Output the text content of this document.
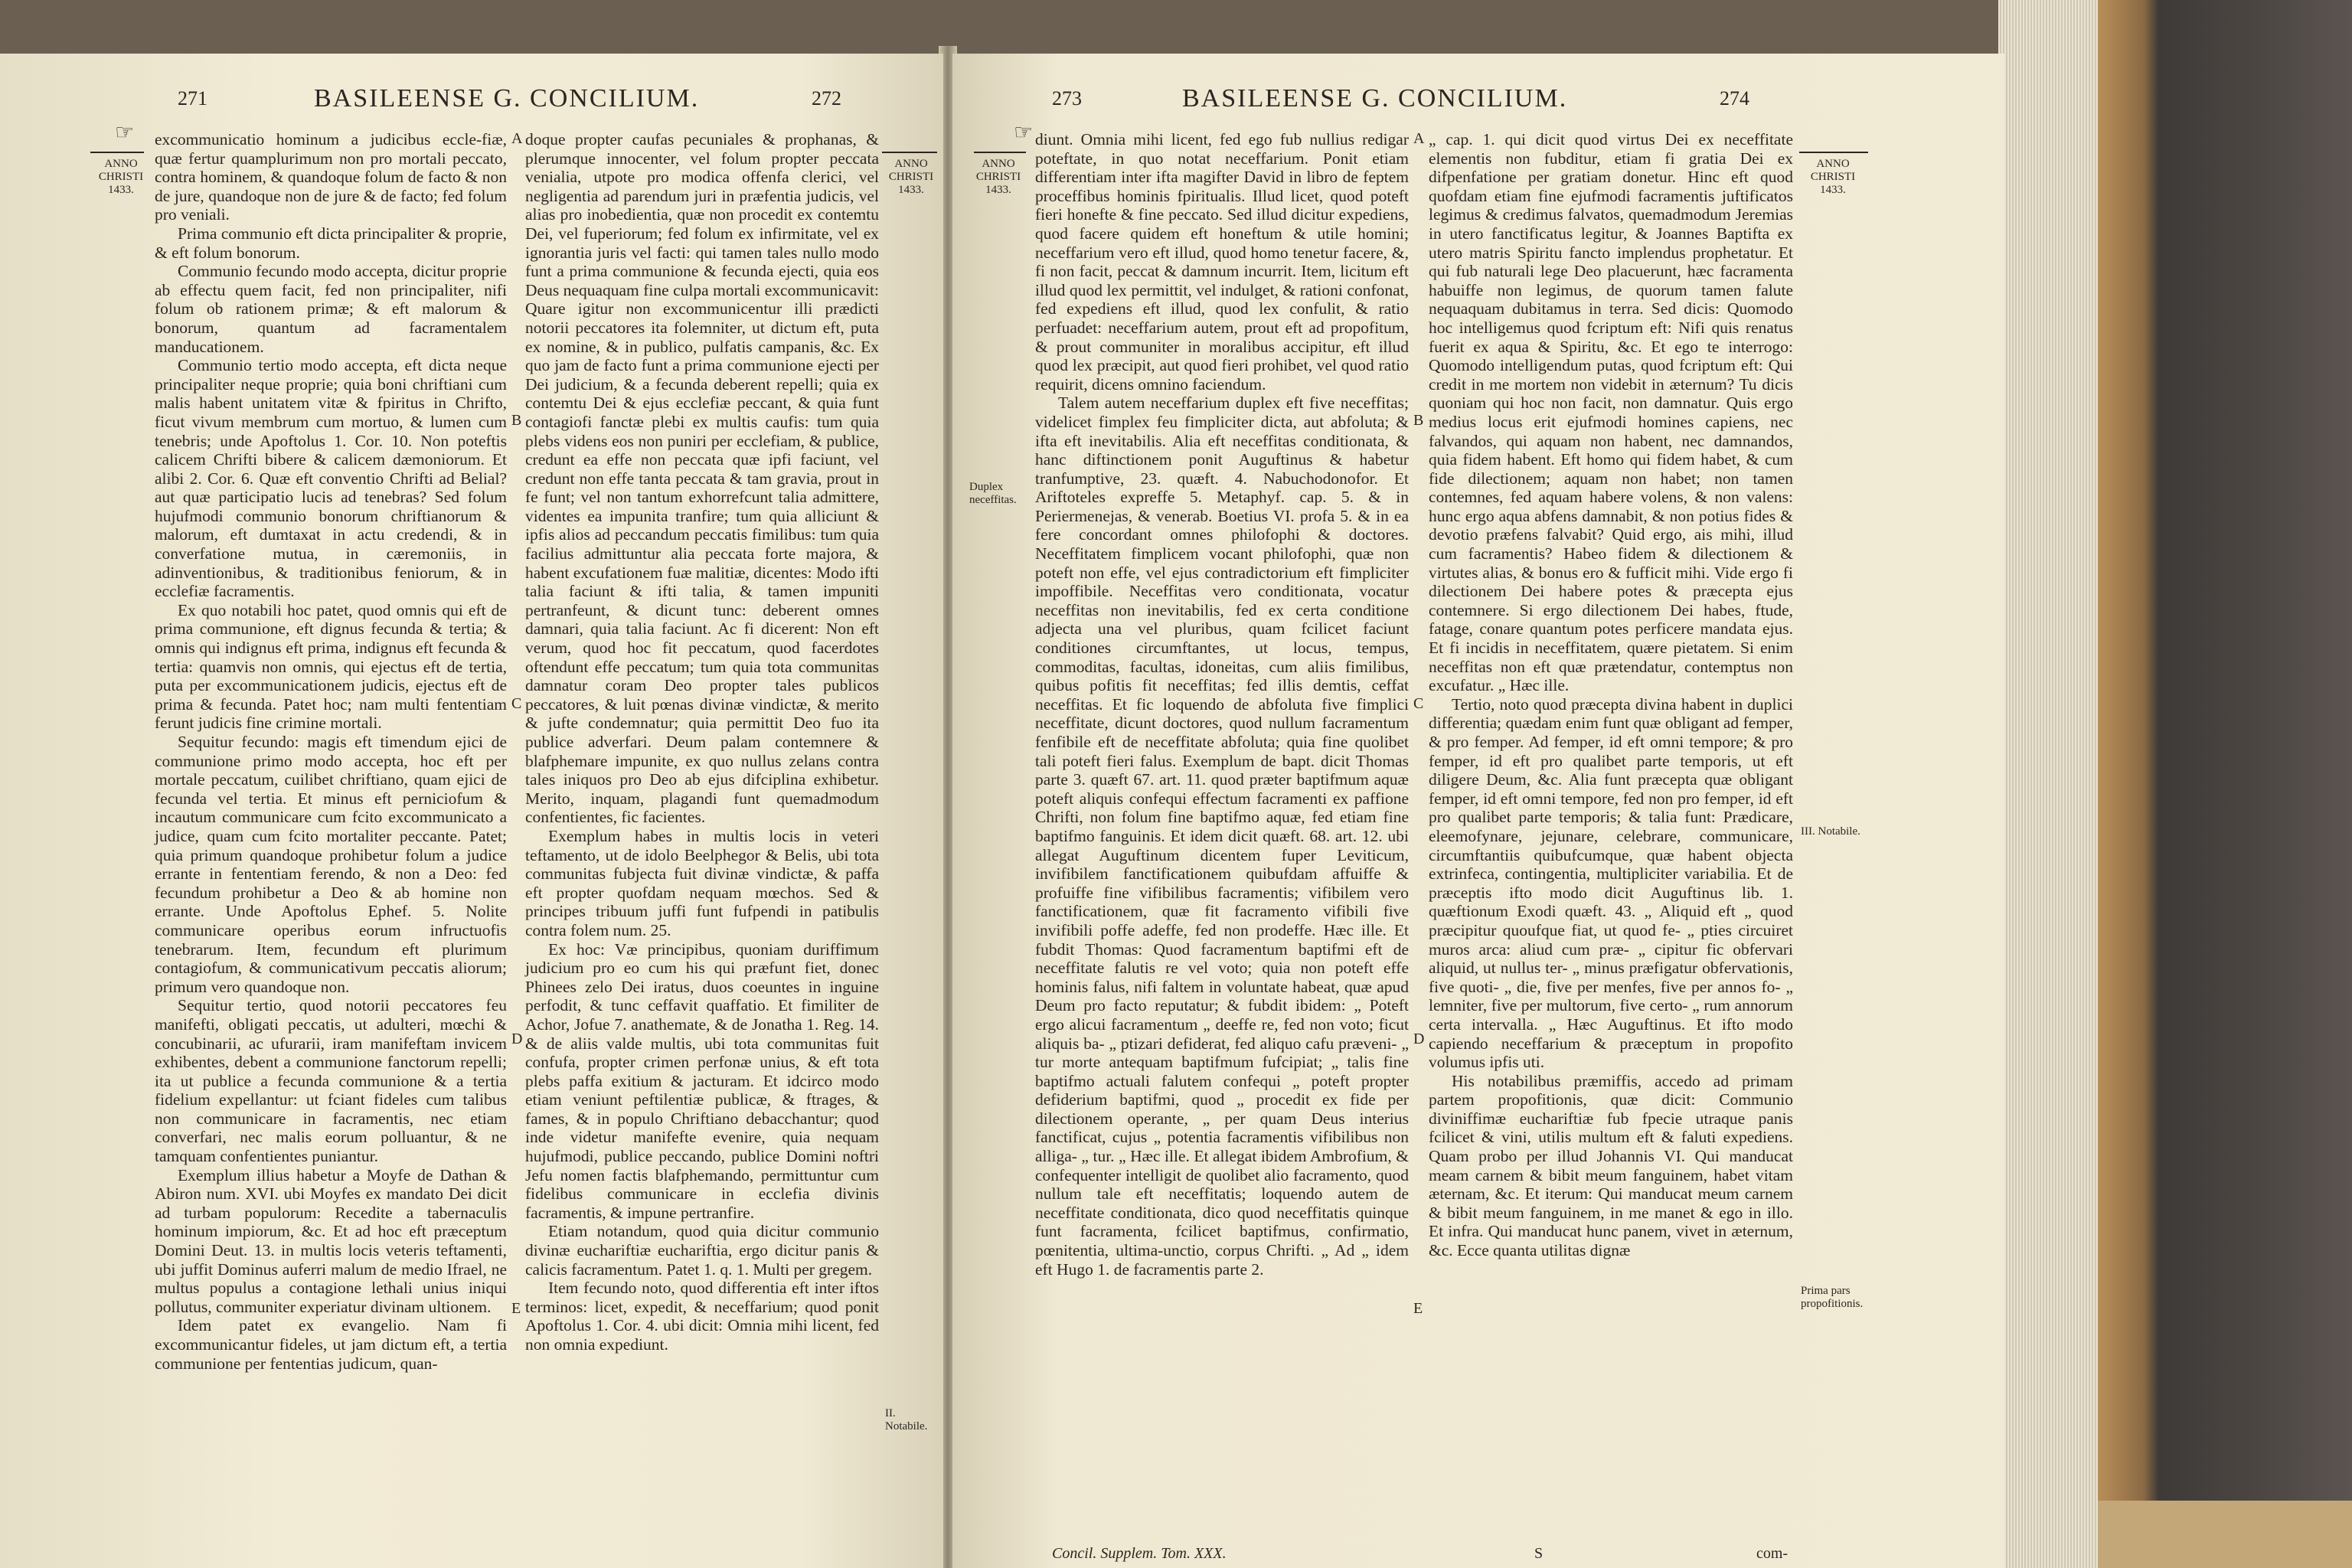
271	BASILEENSE G. CONCILIUM.	272
☞
ANNO
CHRISTI
1433.

excommunicatio hominum a judicibus eccle-fiæ, quæ fertur quamplurimum non pro mortali peccato, contra hominem, & quandoque folum de facto & non de jure, quandoque non de jure & de facto; fed folum pro veniali.

Prima communio eft dicta principaliter & proprie, & eft folum bonorum.

Communio fecundo modo accepta, dicitur proprie ab effectu quem facit, fed non principaliter, nifi folum ob rationem primæ; & eft malorum & bonorum, quantum ad facramentalem manducationem.

Communio tertio modo accepta, eft dicta neque principaliter neque proprie; quia boni chriftiani cum malis habent unitatem vitæ & fpiritus in Chrifto, ficut vivum membrum cum mortuo, & lumen cum tenebris; unde Apoftolus 1. Cor. 10. Non poteftis calicem Chrifti bibere & calicem dæmoniorum. Et alibi 2. Cor. 6. Quæ eft conventio Chrifti ad Belial? aut quæ participatio lucis ad tenebras? Sed folum hujufmodi communio bonorum chriftianorum & malorum, eft dumtaxat in actu credendi, & in converfatione mutua, in cæremoniis, in adinventionibus, & traditionibus feniorum, & in ecclefiæ facramentis.

Ex quo notabili hoc patet, quod omnis qui eft de prima communione, eft dignus fecunda & tertia; & omnis qui indignus eft prima, indignus eft fecunda & tertia: quamvis non omnis, qui ejectus eft de tertia, puta per excommunicationem judicis, ejectus eft de prima & fecunda. Patet hoc; nam multi fententiam ferunt judicis fine crimine mortali.

Sequitur fecundo: magis eft timendum ejici de communione primo modo accepta, hoc eft per mortale peccatum, cuilibet chriftiano, quam ejici de fecunda vel tertia. Et minus eft perniciofum & incautum communicare cum fcito excommunicato a judice, quam cum fcito mortaliter peccante. Patet; quia primum quandoque prohibetur folum a judice errante in fententiam ferendo, & non a Deo: fed fecundum prohibetur a Deo & ab homine non errante. Unde Apoftolus Ephef. 5. Nolite communicare operibus eorum infructuofis tenebrarum. Item, fecundum eft plurimum contagiofum, & communicativum peccatis aliorum; primum vero quandoque non.

Sequitur tertio, quod notorii peccatores feu manifefti, obligati peccatis, ut adulteri, mœchi & concubinarii, ac ufurarii, iram manifeftam invicem exhibentes, debent a communione fanctorum repelli; ita ut publice a fecunda communione & a tertia fidelium expellantur: ut fciant fideles cum talibus non communicare in facramentis, nec etiam converfari, nec malis eorum polluantur, & ne tamquam confentientes puniantur.

Exemplum illius habetur a Moyfe de Dathan & Abiron num. XVI. ubi Moyfes ex mandato Dei dicit ad turbam populorum: Recedite a tabernaculis hominum impiorum, &c. Et ad hoc eft præceptum Domini Deut. 13. in multis locis veteris teftamenti, ubi juffit Dominus auferri malum de medio Ifrael, ne multus populus a contagione lethali unius iniqui pollutus, communiter experiatur divinam ultionem.

Idem patet ex evangelio. Nam fi excommunicantur fideles, ut jam dictum eft, a tertia communione per fententias judicum, quan-

A
B
C
D
E

doque propter caufas pecuniales & prophanas, & plerumque innocenter, vel folum propter peccata venialia, utpote pro modica offenfa clerici, vel negligentia ad parendum juri in præfentia judicis, vel alias pro inobedientia, quæ non procedit ex contemtu Dei, vel fuperiorum; fed folum ex infirmitate, vel ex ignorantia juris vel facti: qui tamen tales nullo modo funt a prima communione & fecunda ejecti, quia eos Deus nequaquam fine culpa mortali excommunicavit: Quare igitur non excommunicentur illi prædicti notorii peccatores ita folemniter, ut dictum eft, puta ex nomine, & in publico, pulfatis campanis, &c. Ex quo jam de facto funt a prima communione ejecti per Dei judicium, & a fecunda deberent repelli; quia ex contemtu Dei & ejus ecclefiæ peccant, & quia funt contagiofi fanctæ plebi ex multis caufis: tum quia plebs videns eos non puniri per ecclefiam, & publice, credunt ea effe non peccata quæ ipfi faciunt, vel credunt non effe tanta peccata & tam gravia, prout in fe funt; vel non tantum exhorrefcunt talia admittere, videntes ea impunita tranfire; tum quia alliciunt & ipfis alios ad peccandum peccatis fimilibus: tum quia facilius admittuntur alia peccata forte majora, & habent excufationem fuæ malitiæ, dicentes: Modo ifti talia faciunt & ifti talia, & tamen impuniti pertranfeunt, & dicunt tunc: deberent omnes damnari, quia talia faciunt. Ac fi dicerent: Non eft verum, quod hoc fit peccatum, quod facerdotes oftendunt effe peccatum; tum quia tota communitas damnatur coram Deo propter tales publicos peccatores, & luit pœnas divinæ vindictæ, & merito & jufte condemnatur; quia permittit Deo fuo ita publice adverfari. Deum palam contemnere & blafphemare impunite, ex quo nullus zelans contra tales iniquos pro Deo ab ejus difciplina exhibetur. Merito, inquam, plagandi funt quemadmodum confentientes, fic facientes.

Exemplum habes in multis locis in veteri teftamento, ut de idolo Beelphegor & Belis, ubi tota communitas fubjecta fuit divinæ vindictæ, & paffa eft propter quofdam nequam mœchos. Sed & principes tribuum juffi funt fufpendi in patibulis contra folem num. 25.

Ex hoc: Væ principibus, quoniam duriffimum judicium pro eo cum his qui præfunt fiet, donec Phinees zelo Dei iratus, duos coeuntes in inguine perfodit, & tunc ceffavit quaffatio. Et fimiliter de Achor, Jofue 7. anathemate, & de Jonatha 1. Reg. 14. & de aliis valde multis, ubi tota communitas fuit confufa, propter crimen perfonæ unius, & eft tota plebs paffa exitium & jacturam. Et idcirco modo etiam veniunt peftilentiæ publicæ, & ftrages, & fames, & in populo Chriftiano debacchantur; quod inde videtur manifefte evenire, quia nequam hujufmodi, publice peccando, publice Domini noftri Jefu nomen factis blafphemando, permittuntur cum fidelibus communicare in ecclefia divinis facramentis, & impune pertranfire.

Etiam notandum, quod quia dicitur communio divinæ euchariftiæ euchariftia, ergo dicitur panis & calicis facramentum. Patet 1. q. 1. Multi per gregem.

Item fecundo noto, quod differentia eft inter iftos terminos: licet, expedit, & neceffarium; quod ponit Apoftolus 1. Cor. 4. ubi dicit: Omnia mihi licent, fed non omnia expediunt.

ANNO
CHRISTI
1433.
II. Notabile.
273	BASILEENSE G. CONCILIUM.	274
☞
ANNO
CHRISTI
1433.
Duplex neceffitas.

diunt. Omnia mihi licent, fed ego fub nullius redigar poteftate, in quo notat neceffarium. Ponit etiam differentiam inter ifta magifter David in libro de feptem proceffibus hominis fpiritualis. Illud licet, quod poteft fieri honefte & fine peccato. Sed illud dicitur expediens, quod facere quidem eft honeftum & utile homini; neceffarium vero eft illud, quod homo tenetur facere, &, fi non facit, peccat & damnum incurrit. Item, licitum eft illud quod lex permittit, vel indulget, & rationi confonat, fed expediens eft illud, quod lex confulit, & ratio perfuadet: neceffarium autem, prout eft ad propofitum, & prout communiter in moralibus accipitur, eft illud quod lex præcipit, aut quod fieri prohibet, vel quod ratio requirit, dicens omnino faciendum.

Talem autem neceffarium duplex eft five neceffitas; videlicet fimplex feu fimpliciter dicta, aut abfoluta; & ifta eft inevitabilis. Alia eft neceffitas conditionata, & hanc diftinctionem ponit Auguftinus & habetur tranfumptive, 23. quæft. 4. Nabuchodonofor. Et Ariftoteles expreffe 5. Metaphyf. cap. 5. & in Periermenejas, & venerab. Boetius VI. profa 5. & in ea fere concordant omnes philofophi & doctores. Neceffitatem fimplicem vocant philofophi, quæ non poteft non effe, vel ejus contradictorium eft fimpliciter impoffibile. Neceffitas vero conditionata, vocatur neceffitas non inevitabilis, fed ex certa conditione adjecta una vel pluribus, quam fcilicet faciunt conditiones circumftantes, ut locus, tempus, commoditas, facultas, idoneitas, cum aliis fimilibus, quibus pofitis fit neceffitas; fed illis demtis, ceffat neceffitas. Et fic loquendo de abfoluta five fimplici neceffitate, dicunt doctores, quod nullum facramentum fenfibile eft de neceffitate abfoluta; quia fine quolibet tali poteft fieri falus. Exemplum de bapt. dicit Thomas parte 3. quæft 67. art. 11. quod præter baptifmum aquæ poteft aliquis confequi effectum facramenti ex paffione Chrifti, non folum fine baptifmo aquæ, fed etiam fine baptifmo fanguinis. Et idem dicit quæft. 68. art. 12. ubi allegat Auguftinum dicentem fuper Leviticum, invifibilem fanctificationem quibufdam affuiffe & profuiffe fine vifibilibus facramentis; vifibilem vero fanctificationem, quæ fit facramento vifibili five invifibili poffe adeffe, fed non prodeffe. Hæc ille. Et fubdit Thomas: Quod facramentum baptifmi eft de neceffitate falutis re vel voto; quia non poteft effe hominis falus, nifi faltem in voluntate habeat, quæ apud Deum pro facto reputatur; & fubdit ibidem: „ Poteft ergo alicui facramentum „ deeffe re, fed non voto; ficut aliquis ba- „ ptizari defiderat, fed aliquo cafu præveni- „ tur morte antequam baptifmum fufcipiat; „ talis fine baptifmo actuali falutem confequi „ poteft propter defiderium baptifmi, quod „ procedit ex fide per dilectionem operante, „ per quam Deus interius fanctificat, cujus „ potentia facramentis vifibilibus non alliga- „ tur. „ Hæc ille. Et allegat ibidem Ambrofium, & confequenter intelligit de quolibet alio facramento, quod nullum tale eft neceffitatis; loquendo autem de neceffitate conditionata, dico quod neceffitatis quinque funt facramenta, fcilicet baptifmus, confirmatio, pœnitentia, ultima-unctio, corpus Chrifti. „ Ad „ idem eft Hugo 1. de facramentis parte 2.

A
B
C
D
E

„ cap. 1. qui dicit quod virtus Dei ex neceffitate elementis non fubditur, etiam fi gratia Dei ex difpenfatione per gratiam donetur. Hinc eft quod quofdam etiam fine ejufmodi facramentis juftificatos legimus & credimus falvatos, quemadmodum Jeremias in utero fanctificatus legitur, & Joannes Baptifta ex utero matris Spiritu fancto implendus prophetatur. Et qui fub naturali lege Deo placuerunt, hæc facramenta habuiffe non legimus, de quorum tamen falute nequaquam dubitamus in terra. Sed dicis: Quomodo hoc intelligemus quod fcriptum eft: Nifi quis renatus fuerit ex aqua & Spiritu, &c. Et ego te interrogo: Quomodo intelligendum putas, quod fcriptum eft: Qui credit in me mortem non videbit in æternum? Tu dicis quoniam qui hoc non facit, non damnatur. Quis ergo medius locus erit ejufmodi homines capiens, nec falvandos, qui aquam non habent, nec damnandos, quia fidem habent. Eft homo qui fidem habet, & cum fide dilectionem; aquam non habet; non tamen contemnes, fed aquam habere volens, & non valens: hunc ergo aqua abfens damnabit, & non potius fides & devotio præfens falvabit? Quid ergo, ais mihi, illud cum facramentis? Habeo fidem & dilectionem & virtutes alias, & bonus ero & fufficit mihi. Vide ergo fi dilectionem Dei habere potes & præcepta ejus contemnere. Si ergo dilectionem Dei habes, ftude, fatage, conare quantum potes perficere mandata ejus. Et fi incidis in neceffitatem, quære pietatem. Si enim neceffitas non eft quæ prætendatur, contemptus non excufatur. „ Hæc ille.

Tertio, noto quod præcepta divina habent in duplici differentia; quædam enim funt quæ obligant ad femper, & pro femper. Ad femper, id eft omni tempore; & pro femper, id eft pro qualibet parte temporis, ut eft diligere Deum, &c. Alia funt præcepta quæ obligant femper, id eft omni tempore, fed non pro femper, id eft pro qualibet parte temporis; & talia funt: Prædicare, eleemofynare, jejunare, celebrare, communicare, circumftantiis quibufcumque, quæ habent objecta extrinfeca, contingentia, multipliciter variabilia. Et de præceptis ifto modo dicit Auguftinus lib. 1. quæftionum Exodi quæft. 43. „ Aliquid eft „ quod præcipitur quoufque fiat, ut quod fe- „ pties circuiret muros arca: aliud cum præ- „ cipitur fic obfervari aliquid, ut nullus ter- „ minus præfigatur obfervationis, five quoti- „ die, five per menfes, five per annos fo- „ lemniter, five per multorum, five certo- „ rum annorum certa intervalla. „ Hæc Auguftinus. Et ifto modo capiendo neceffarium & præceptum in propofito volumus ipfis uti.

His notabilibus præmiffis, accedo ad primam partem propofitionis, quæ dicit: Communio diviniffimæ euchariftiæ fub fpecie utraque panis fcilicet & vini, utilis multum eft & faluti expediens. Quam probo per illud Johannis VI. Qui manducat meam carnem & bibit meum fanguinem, habet vitam æternam, &c. Et iterum: Qui manducat meum carnem & bibit meum fanguinem, in me manet & ego in illo. Et infra. Qui manducat hunc panem, vivet in æternum, &c. Ecce quanta utilitas dignæ

ANNO
CHRISTI
1433.
III. Notabile.
Prima pars propofitionis.
Concil. Supplem. Tom. XXX.	S	com-
